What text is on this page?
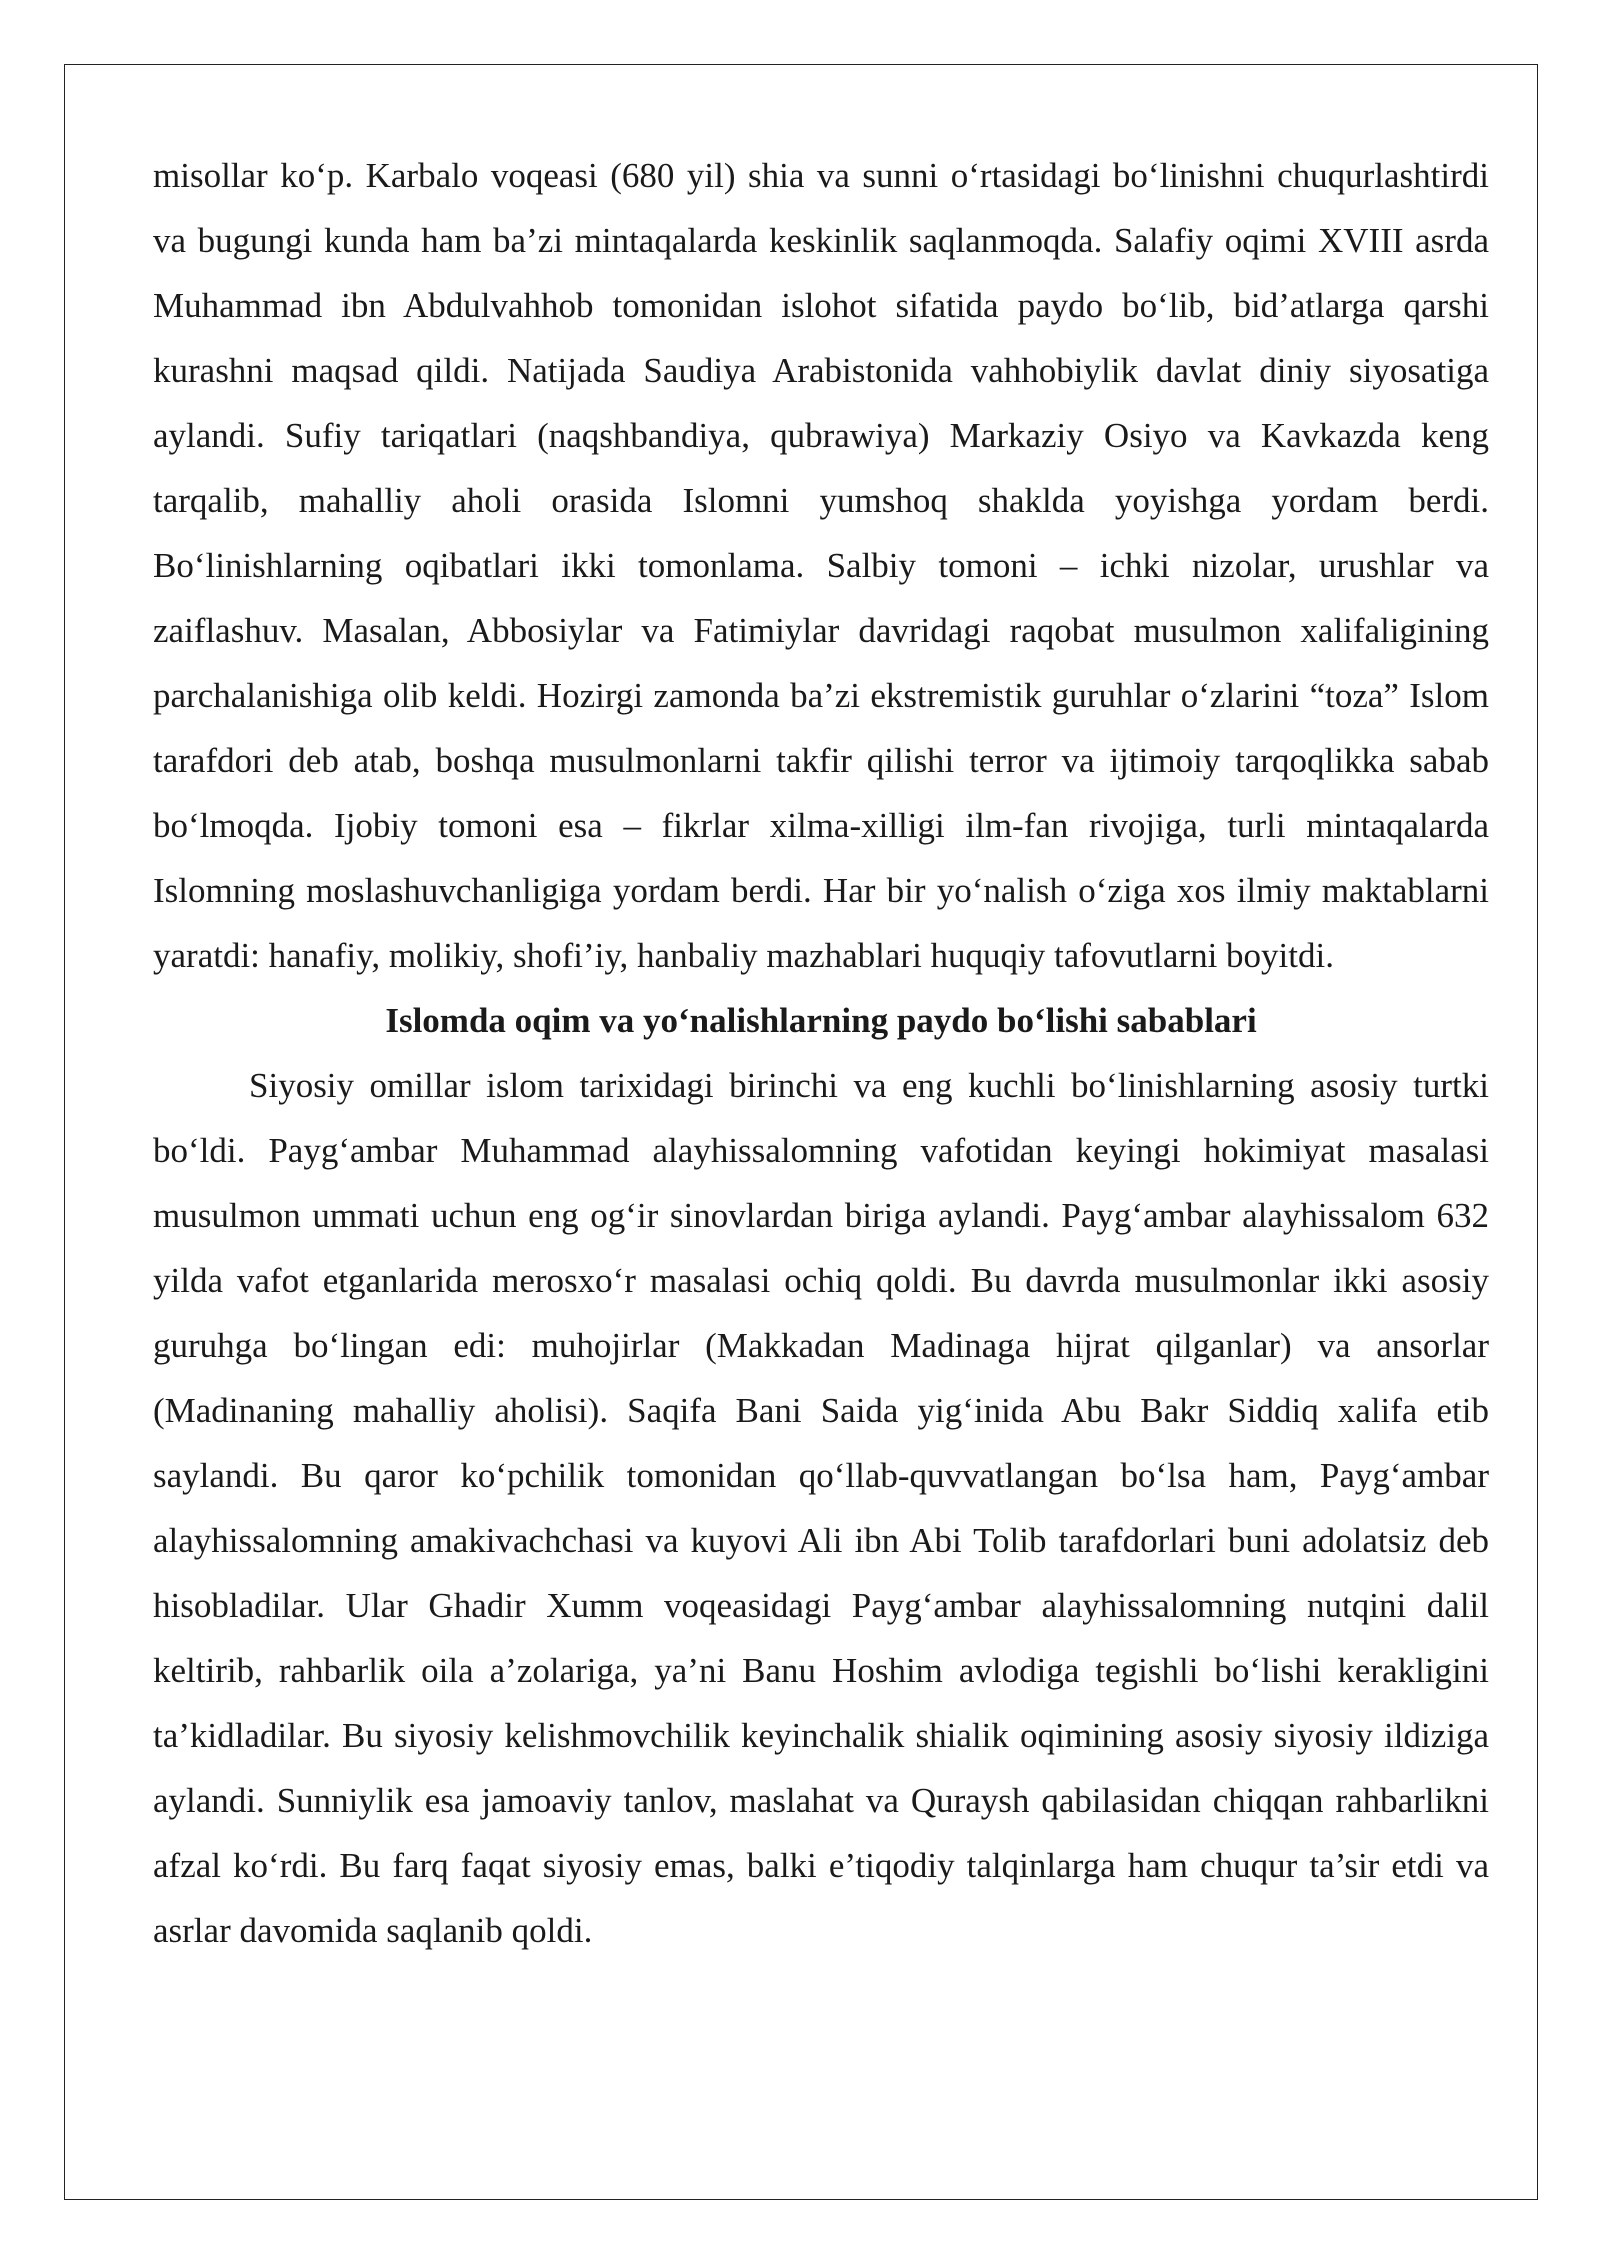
misollar ko‘p. Karbalo voqeasi (680 yil) shia va sunni o‘rtasidagi bo‘linishni chuqurlashtirdi va bugungi kunda ham ba’zi mintaqalarda keskinlik saqlanmoqda. Salafiy oqimi XVIII asrda Muhammad ibn Abdulvahhob tomonidan islohot sifatida paydo bo‘lib, bid’atlarga qarshi kurashni maqsad qildi. Natijada Saudiya Arabistonida vahhobiylik davlat diniy siyosatiga aylandi. Sufiy tariqatlari (naqshbandiya, qubrawiya) Markaziy Osiyo va Kavkazda keng tarqalib, mahalliy aholi orasida Islomni yumshoq shaklda yoyishga yordam berdi. Bo‘linishlarning oqibatlari ikki tomonlama. Salbiy tomoni – ichki nizolar, urushlar va zaiflashuv. Masalan, Abbosiylar va Fatimiylar davridagi raqobat musulmon xalifaligining parchalanishiga olib keldi. Hozirgi zamonda ba’zi ekstremistik guruhlar o‘zlarini “toza” Islom tarafdori deb atab, boshqa musulmonlarni takfir qilishi terror va ijtimoiy tarqoqlikka sabab bo‘lmoqda. Ijobiy tomoni esa – fikrlar xilma-xilligi ilm-fan rivojiga, turli mintaqalarda Islomning moslashuvchanligiga yordam berdi. Har bir yo‘nalish o‘ziga xos ilmiy maktablarni yaratdi: hanafiy, molikiy, shofi’iy, hanbaliy mazhablari huquqiy tafovutlarni boyitdi.

Islomda oqim va yo‘nalishlarning paydo bo‘lishi sabablari

Siyosiy omillar islom tarixidagi birinchi va eng kuchli bo‘linishlarning asosiy turtki bo‘ldi. Payg‘ambar Muhammad alayhissalomning vafotidan keyingi hokimiyat masalasi musulmon ummati uchun eng og‘ir sinovlardan biriga aylandi. Payg‘ambar alayhissalom 632 yilda vafot etganlarida merosxo‘r masalasi ochiq qoldi. Bu davrda musulmonlar ikki asosiy guruhga bo‘lingan edi: muhojirlar (Makkadan Madinaga hijrat qilganlar) va ansorlar (Madinaning mahalliy aholisi). Saqifa Bani Saida yig‘inida Abu Bakr Siddiq xalifa etib saylandi. Bu qaror ko‘pchilik tomonidan qo‘llab-quvvatlangan bo‘lsa ham, Payg‘ambar alayhissalomning amakivachchasi va kuyovi Ali ibn Abi Tolib tarafdorlari buni adolatsiz deb hisobladilar. Ular Ghadir Xumm voqeasidagi Payg‘ambar alayhissalomning nutqini dalil keltirib, rahbarlik oila a’zolariga, ya’ni Banu Hoshim avlodiga tegishli bo‘lishi kerakligini ta’kidladilar. Bu siyosiy kelishmovchilik keyinchalik shialik oqimining asosiy siyosiy ildiziga aylandi. Sunniylik esa jamoaviy tanlov, maslahat va Quraysh qabilasidan chiqqan rahbarlikni afzal ko‘rdi. Bu farq faqat siyosiy emas, balki e’tiqodiy talqinlarga ham chuqur ta’sir etdi va asrlar davomida saqlanib qoldi.
